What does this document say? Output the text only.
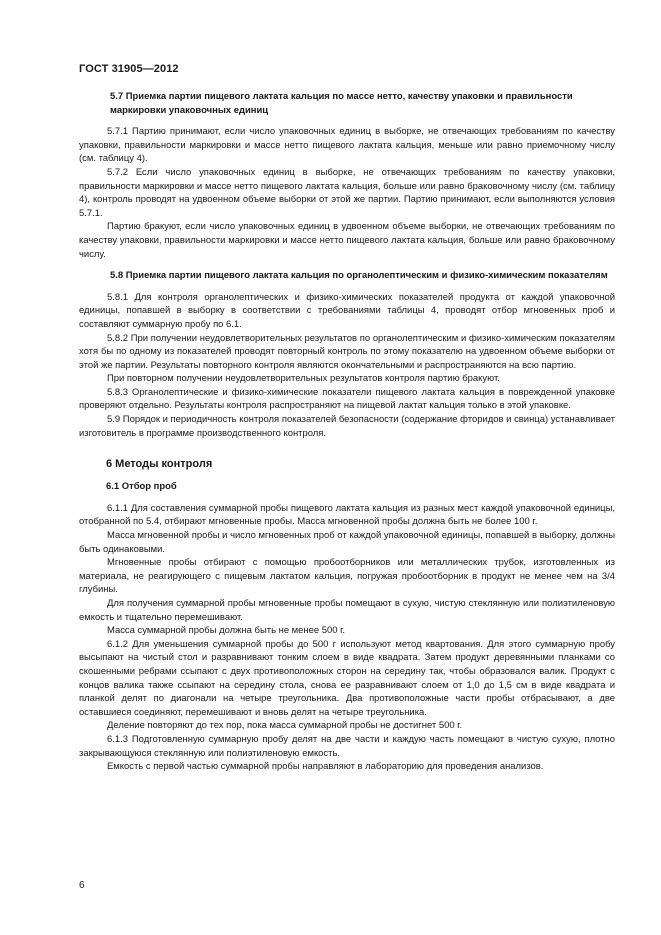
ГОСТ 31905—2012
5.7 Приемка партии пищевого лактата кальция по массе нетто, качеству упаковки и правильности маркировки упаковочных единиц

5.7.1 Партию принимают, если число упаковочных единиц в выборке, не отвечающих требованиям по качеству упаковки, правильности маркировки и массе нетто пищевого лактата кальция, меньше или равно приемочному числу (см. таблицу 4).

5.7.2 Если число упаковочных единиц в выборке, не отвечающих требованиям по качеству упаковки, правильности маркировки и массе нетто пищевого лактата кальция, больше или равно браковочному числу (см. таблицу 4), контроль проводят на удвоенном объеме выборки от этой же партии. Партию принимают, если выполняются условия 5.7.1.

Партию бракуют, если число упаковочных единиц в удвоенном объеме выборки, не отвечающих требованиям по качеству упаковки, правильности маркировки и массе нетто пищевого лактата кальция, больше или равно браковочному числу.

5.8 Приемка партии пищевого лактата кальция по органолептическим и физико-химическим показателям

5.8.1 Для контроля органолептических и физико-химических показателей продукта от каждой упаковочной единицы, попавшей в выборку в соответствии с требованиями таблицы 4, проводят отбор мгновенных проб и составляют суммарную пробу по 6.1.

5.8.2 При получении неудовлетворительных результатов по органолептическим и физико-химическим показателям хотя бы по одному из показателей проводят повторный контроль по этому показателю на удвоенном объеме выборки от этой же партии. Результаты повторного контроля являются окончательными и распространяются на всю партию.

При повторном получении неудовлетворительных результатов контроля партию бракуют.

5.8.3 Органолептические и физико-химические показатели пищевого лактата кальция в поврежденной упаковке проверяют отдельно. Результаты контроля распространяют на пищевой лактат кальция только в этой упаковке.

5.9 Порядок и периодичность контроля показателей безопасности (содержание фторидов и свинца) устанавливает изготовитель в программе производственного контроля.

6 Методы контроля
6.1 Отбор проб

6.1.1 Для составления суммарной пробы пищевого лактата кальция из разных мест каждой упаковочной единицы, отобранной по 5.4, отбирают мгновенные пробы. Масса мгновенной пробы должна быть не более 100 г.

Масса мгновенной пробы и число мгновенных проб от каждой упаковочной единицы, попавшей в выборку, должны быть одинаковыми.

Мгновенные пробы отбирают с помощью пробоотборников или металлических трубок, изготовленных из материала, не реагирующего с пищевым лактатом кальция, погружая пробоотборник в продукт не менее чем на 3/4 глубины.

Для получения суммарной пробы мгновенные пробы помещают в сухую, чистую стеклянную или полиэтиленовую емкость и тщательно перемешивают.

Масса суммарной пробы должна быть не менее 500 г.

6.1.2 Для уменьшения суммарной пробы до 500 г используют метод квартования. Для этого суммарную пробу высыпают на чистый стол и разравнивают тонким слоем в виде квадрата. Затем продукт деревянными планками со скошенными ребрами ссыпают с двух противоположных сторон на середину так, чтобы образовался валик. Продукт с концов валика также ссыпают на середину стола, снова ее разравнивают слоем от 1,0 до 1,5 см в виде квадрата и планкой делят по диагонали на четыре треугольника. Два противоположные части пробы отбрасывают, а две оставшиеся соединяют, перемешивают и вновь делят на четыре треугольника.

Деление повторяют до тех пор, пока масса суммарной пробы не достигнет 500 г.

6.1.3 Подготовленную суммарную пробу делят на две части и каждую часть помещают в чистую сухую, плотно закрывающуюся стеклянную или полиэтиленовую емкость.

Емкость с первой частью суммарной пробы направляют в лабораторию для проведения анализов.

6
